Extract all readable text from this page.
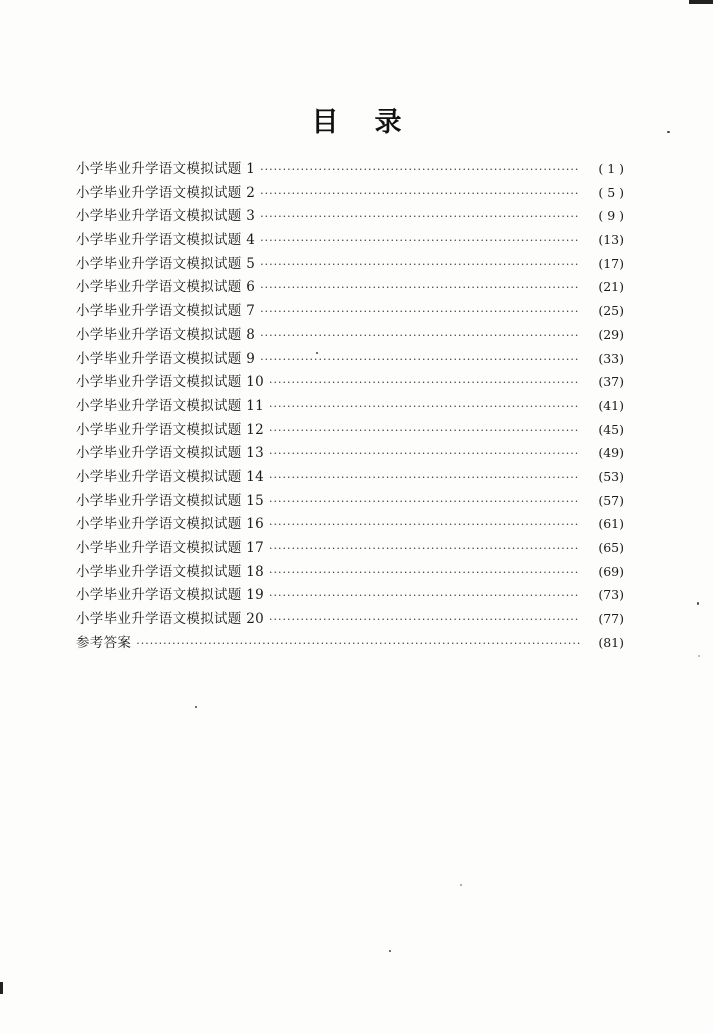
目 录
小学毕业升学语文模拟试题 1 ·····	( 1 )
小学毕业升学语文模拟试题 2 ·····	( 5 )
小学毕业升学语文模拟试题 3 ·····	( 9 )
小学毕业升学语文模拟试题 4 ·····	(13)
小学毕业升学语文模拟试题 5 ·····	(17)
小学毕业升学语文模拟试题 6 ·····	(21)
小学毕业升学语文模拟试题 7 ·····	(25)
小学毕业升学语文模拟试题 8 ·····	(29)
小学毕业升学语文模拟试题 9 ·····	(33)
小学毕业升学语文模拟试题 10 ·····	(37)
小学毕业升学语文模拟试题 11 ·····	(41)
小学毕业升学语文模拟试题 12 ·····	(45)
小学毕业升学语文模拟试题 13 ·····	(49)
小学毕业升学语文模拟试题 14 ·····	(53)
小学毕业升学语文模拟试题 15 ·····	(57)
小学毕业升学语文模拟试题 16 ·····	(61)
小学毕业升学语文模拟试题 17 ·····	(65)
小学毕业升学语文模拟试题 18 ·····	(69)
小学毕业升学语文模拟试题 19 ·····	(73)
小学毕业升学语文模拟试题 20 ·····	(77)
参考答案 ·····	(81)
